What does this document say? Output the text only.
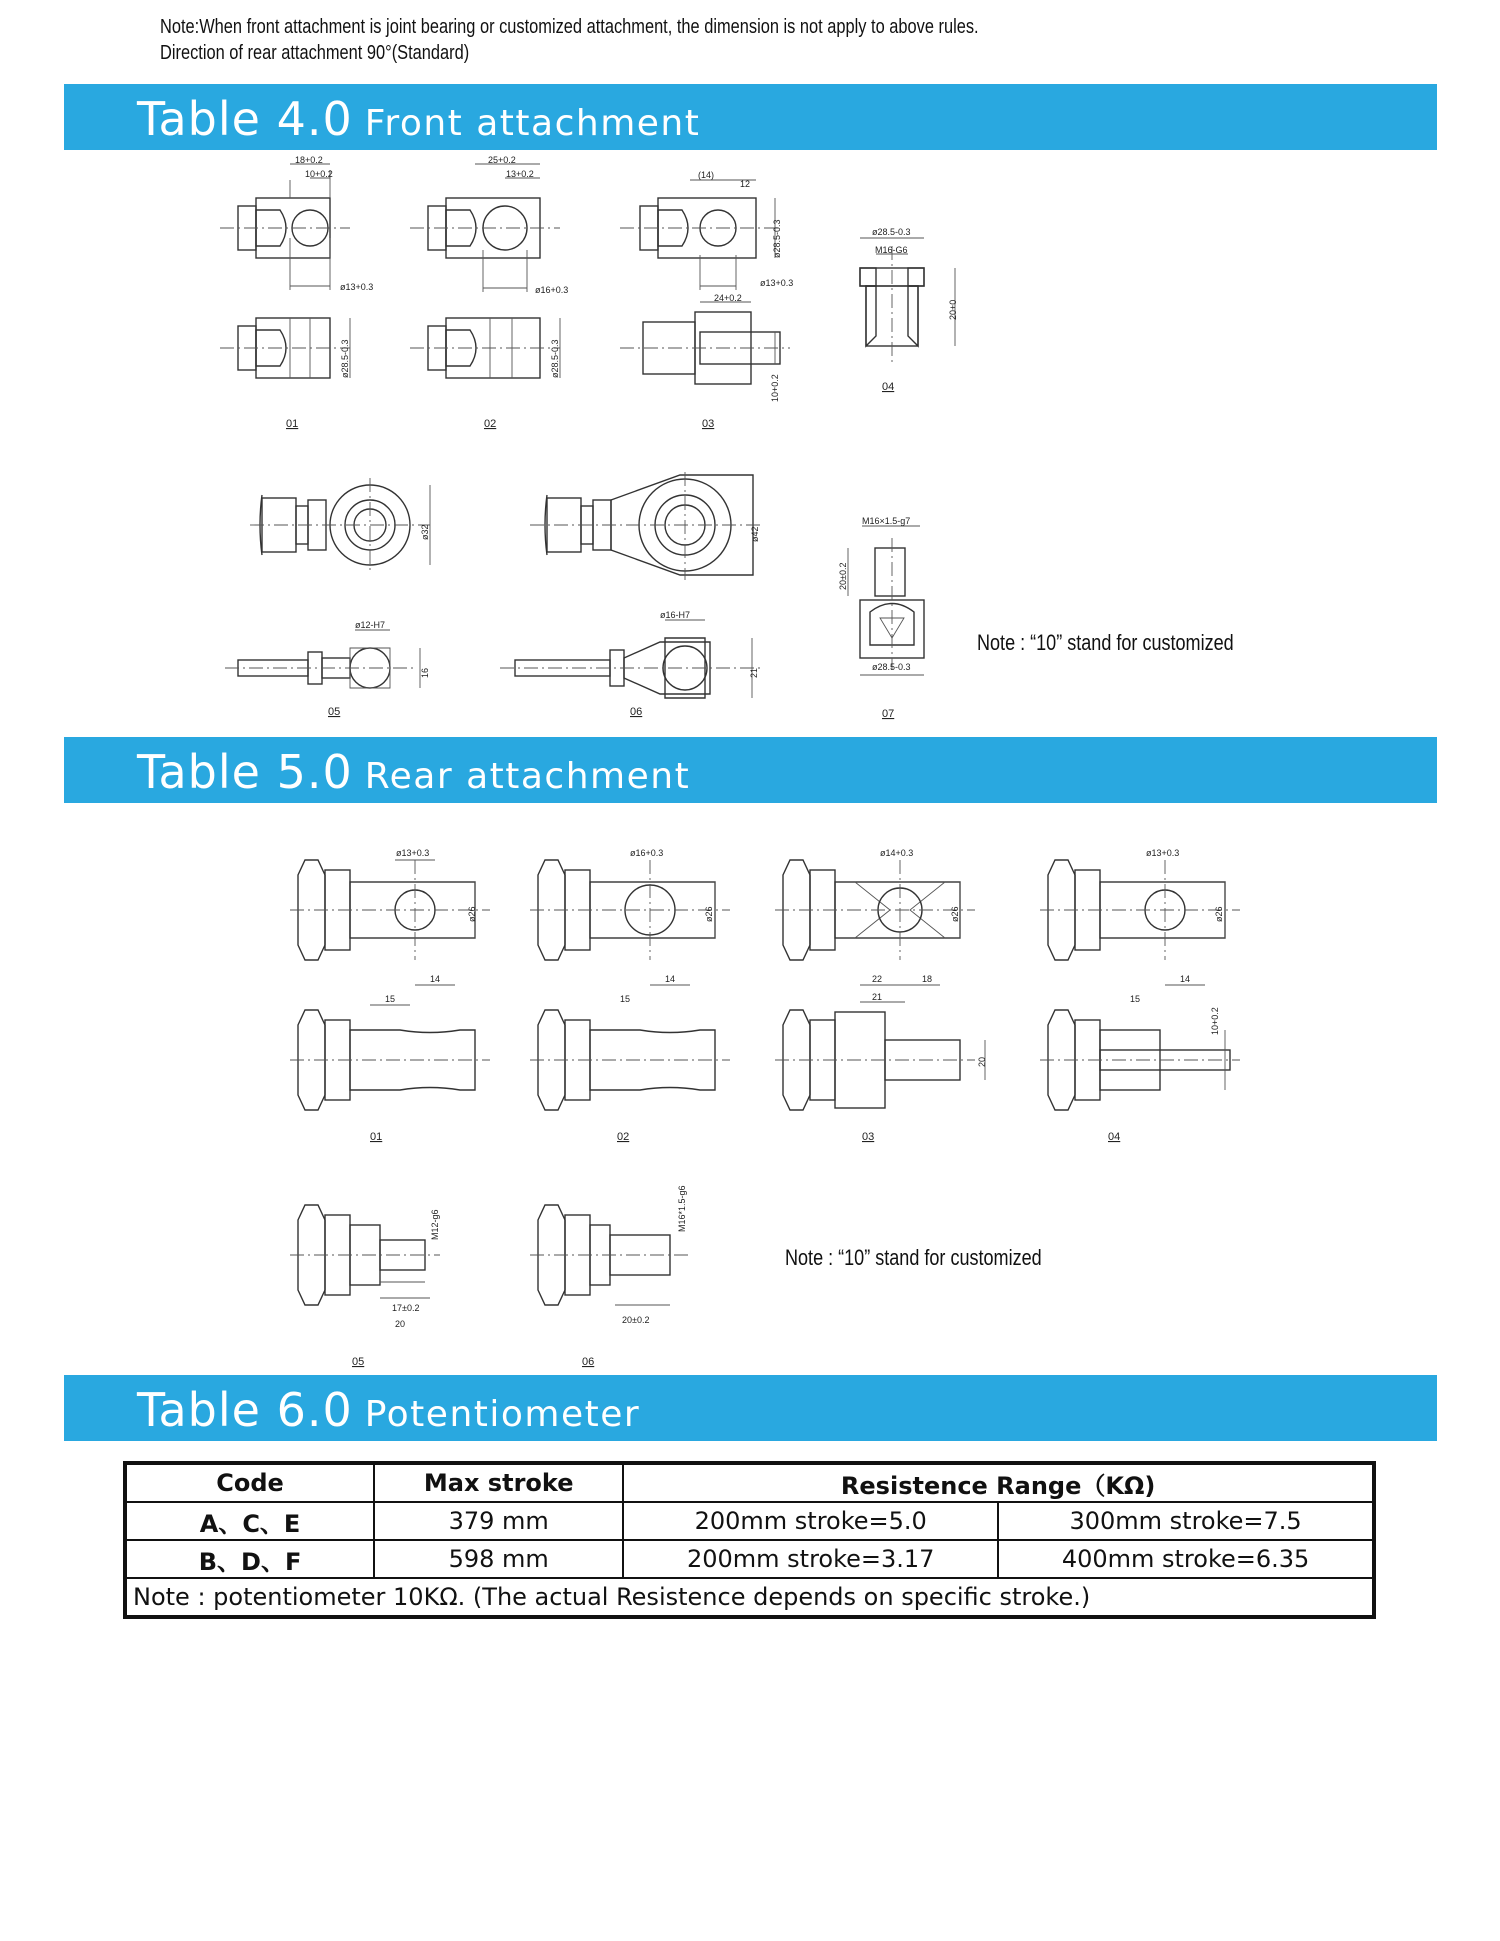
Note:When front attachment is joint bearing or customized attachment, the dimension is not apply to above rules.
Direction of rear attachment 90°(Standard)
Table 4.0 Front attachment
18+0.2
10+0.2
ø13+0.3
ø28.5-0.3
01
25+0.2
13+0.2
ø16+0.3
ø28.5-0.3
02
(14)
12
ø28.5-0.3
ø13+0.3
24+0.2
10+0.2
03
ø28.5-0.3
M16-G6
20+0
04
ø32
ø12-H7
16
05
ø42
ø16-H7
21
06
M16×1.5-g7
20±0.2
ø28.5-0.3
07
Note : “10” stand for customized
Table 5.0 Rear attachment
ø13+0.3
ø26
14
15
01
ø16+0.3
ø26
14
15
02
ø14+0.3
ø26
22	18
21
20
03
ø13+0.3
ø26
14
15
10+0.2
04
M12-g6
17±0.2
20
05
M16*1.5-g6
20±0.2
06
Note : “10” stand for customized
Table 6.0 Potentiometer
Code	Max stroke	Resistence Range（KΩ)	
A、C、E	379 mm	200mm stroke=5.0	300mm stroke=7.5
B、D、F	598 mm	200mm stroke=3.17	400mm stroke=6.35
Note : potentiometer 10KΩ. (The actual Resistence depends on specific stroke.)			
